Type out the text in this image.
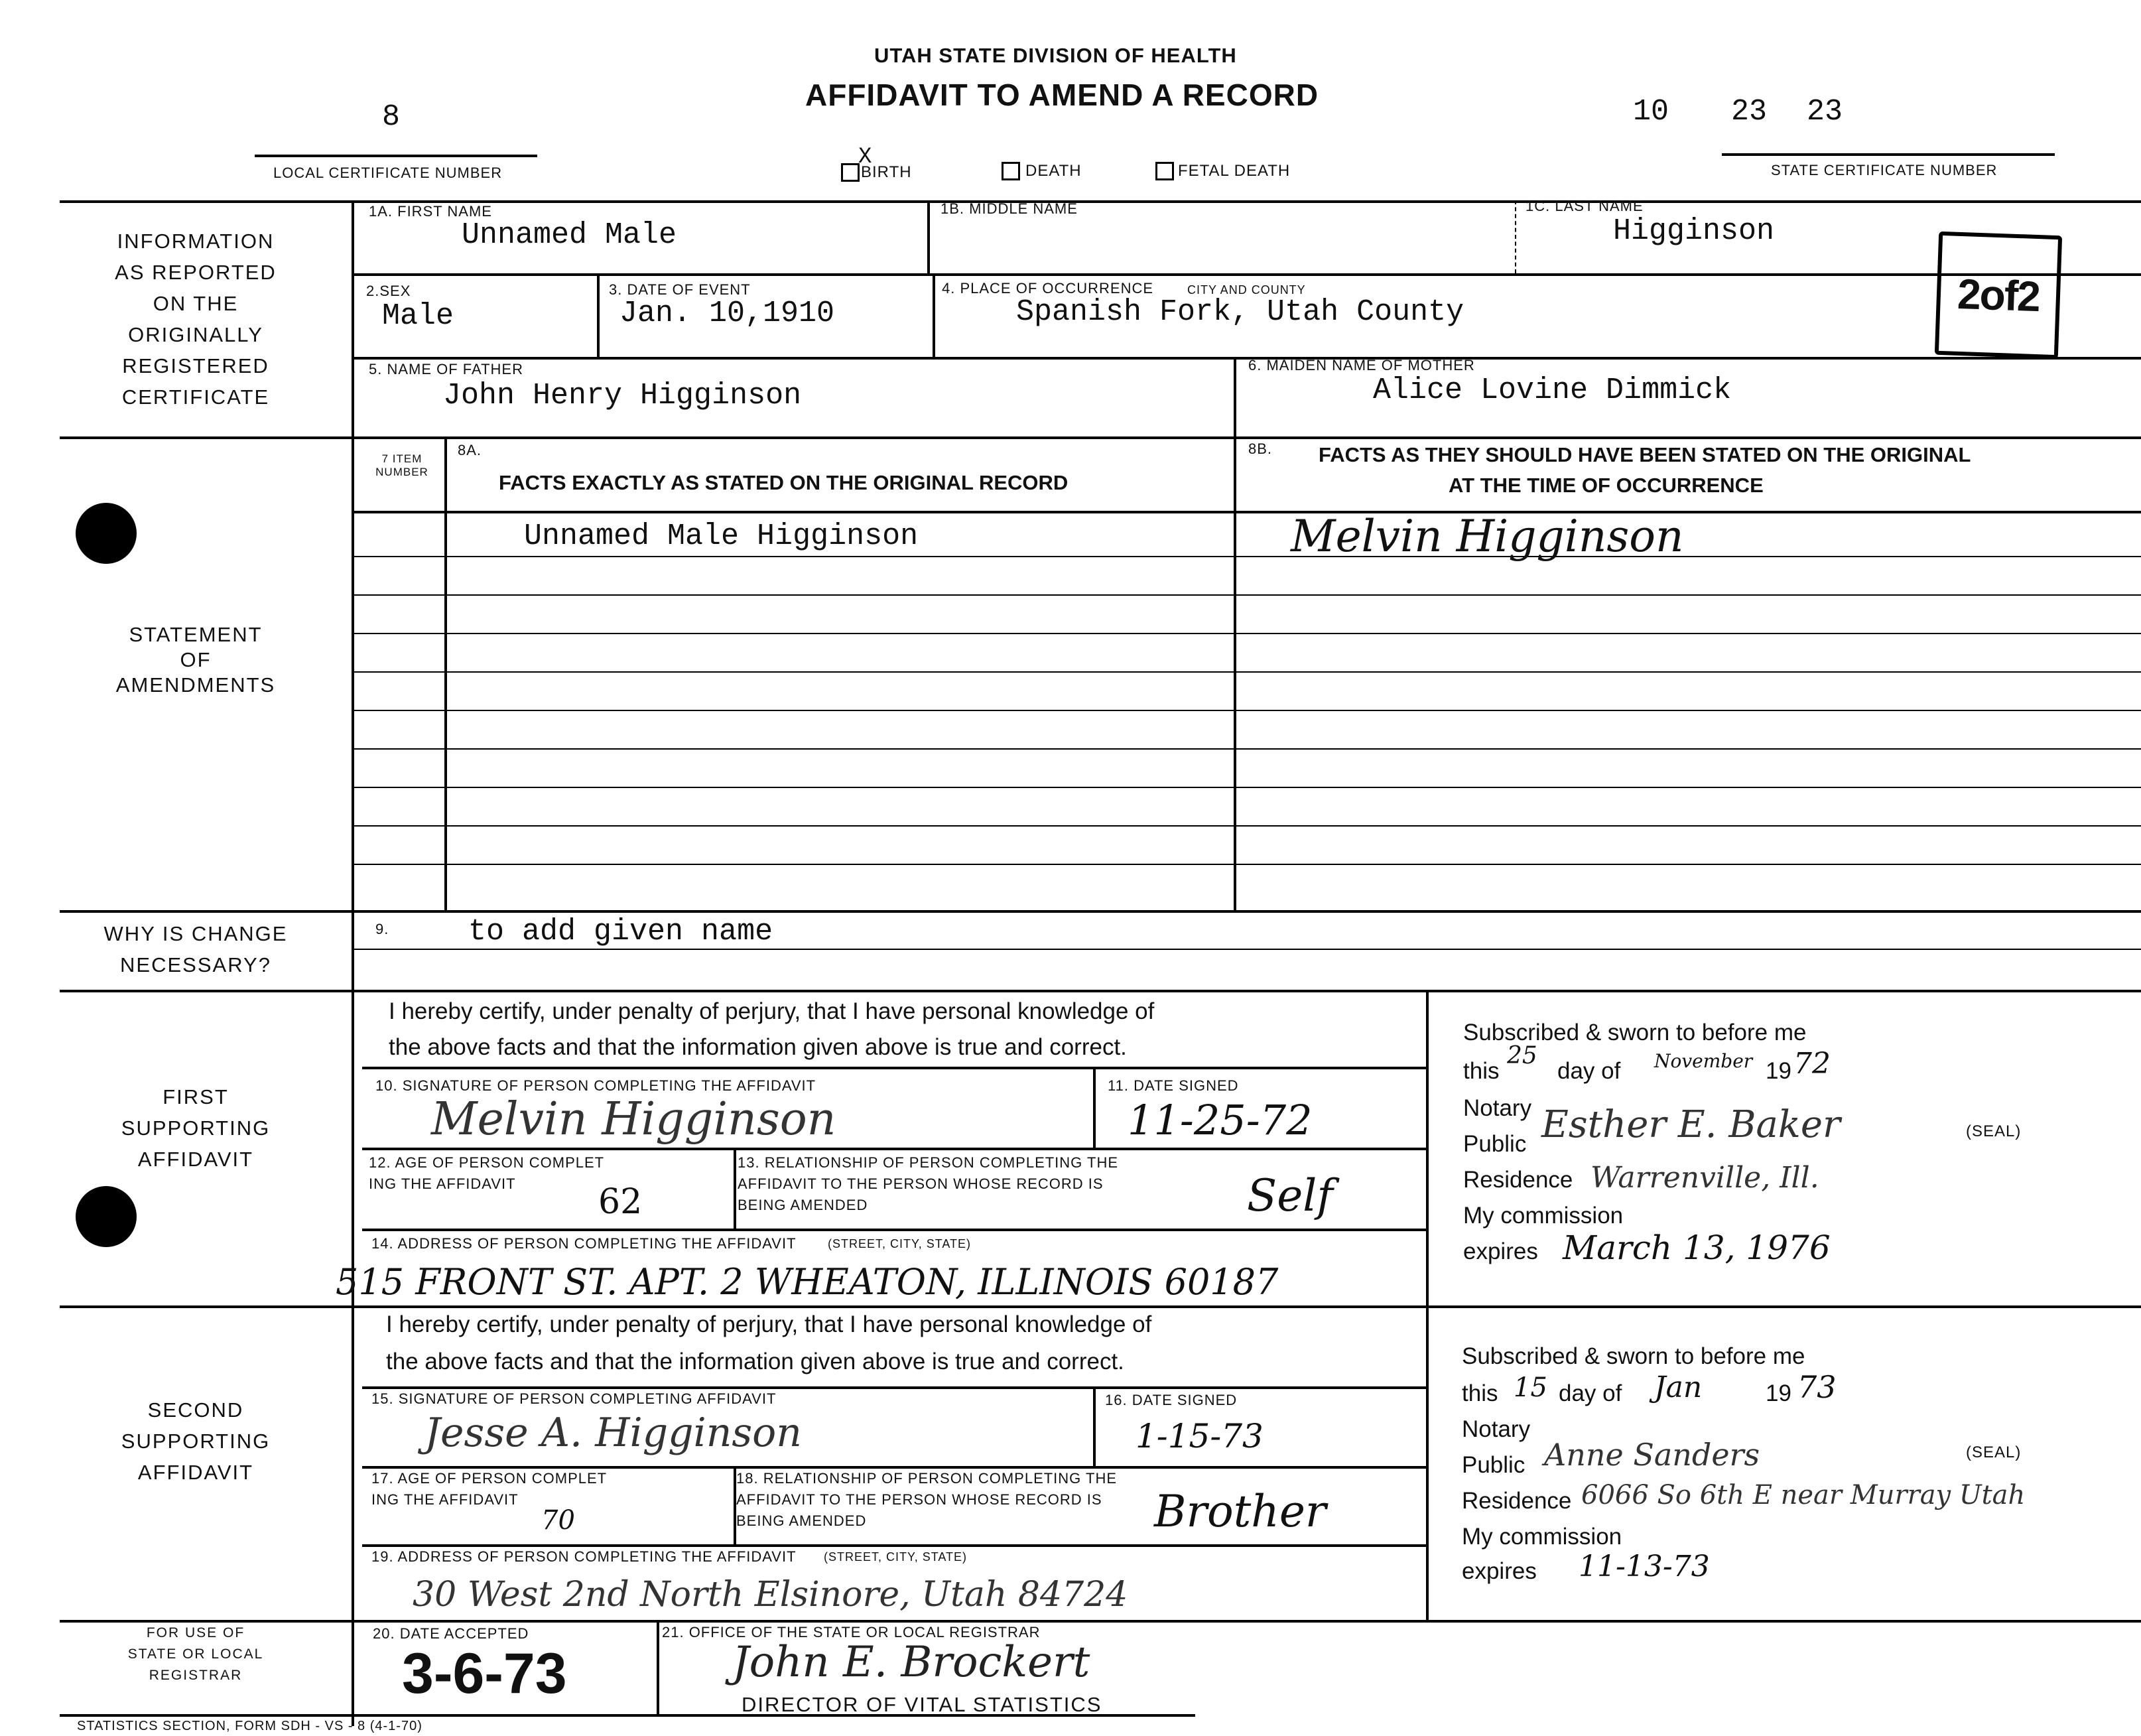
UTAH STATE DIVISION OF HEALTH
AFFIDAVIT TO AMEND A RECORD
8
LOCAL CERTIFICATE NUMBER
10 23 23
STATE CERTIFICATE NUMBER
X
BIRTH	DEATH	FETAL DEATH
INFORMATION
AS REPORTED
ON THE
ORIGINALLY
REGISTERED
CERTIFICATE
STATEMENT
OF
AMENDMENTS
WHY IS CHANGE
NECESSARY?
FIRST
SUPPORTING
AFFIDAVIT
SECOND
SUPPORTING
AFFIDAVIT
FOR USE OF
STATE OR LOCAL
REGISTRAR
1A. FIRST NAME
Unnamed Male
1B. MIDDLE NAME	1C. LAST NAME
Higginson
2of2
2.SEX
Male
3. DATE OF EVENT
Jan. 10,1910
4. PLACE OF OCCURRENCE	CITY AND COUNTY
Spanish Fork, Utah County
5. NAME OF FATHER
John Henry Higginson
6. MAIDEN NAME OF MOTHER
Alice Lovine Dimmick
7 ITEM NUMBER
8A.
FACTS EXACTLY AS STATED ON THE ORIGINAL RECORD
8B. FACTS AS THEY SHOULD HAVE BEEN STATED ON THE ORIGINAL
AT THE TIME OF OCCURRENCE
Unnamed Male Higginson	Melvin Higginson
9.	to add given name
I hereby certify, under penalty of perjury, that I have personal knowledge of
the above facts and that the information given above is true and correct.
10. SIGNATURE OF PERSON COMPLETING THE AFFIDAVIT
Melvin Higginson
11. DATE SIGNED
11-25-72
12. AGE OF PERSON COMPLET
ING THE AFFIDAVIT 62
13. RELATIONSHIP OF PERSON COMPLETING THE
AFFIDAVIT TO THE PERSON WHOSE RECORD IS
BEING AMENDED	Self
14. ADDRESS OF PERSON COMPLETING THE AFFIDAVIT	(STREET, CITY, STATE)
515 FRONT ST. APT. 2 WHEATON, ILLINOIS 60187
Subscribed & sworn to before me
this
25
day of November 19 72
Notary
Public Esther E. Baker	(SEAL)
Residence Warrenville, Ill.
My commission
expires March 13, 1976
I hereby certify, under penalty of perjury, that I have personal knowledge of
the above facts and that the information given above is true and correct.
15. SIGNATURE OF PERSON COMPLETING AFFIDAVIT
Jesse A. Higginson
16. DATE SIGNED
1-15-73
17. AGE OF PERSON COMPLET
ING THE AFFIDAVIT
70
18. RELATIONSHIP OF PERSON COMPLETING THE
AFFIDAVIT TO THE PERSON WHOSE RECORD IS
BEING AMENDED	Brother
19. ADDRESS OF PERSON COMPLETING THE AFFIDAVIT (STREET, CITY, STATE)
30 West 2nd North Elsinore, Utah 84724
Subscribed & sworn to before me
this 15 day of Jan	19 73
Notary
Public Anne Sanders	(SEAL)
Residence 6066 So 6th E near Murray Utah
My commission
expires 11-13-73
20. DATE ACCEPTED
3-6-73
21. OFFICE OF THE STATE OR LOCAL REGISTRAR
John E. Brockert
DIRECTOR OF VITAL STATISTICS
STATISTICS SECTION, FORM SDH - VS - 8 (4-1-70)
